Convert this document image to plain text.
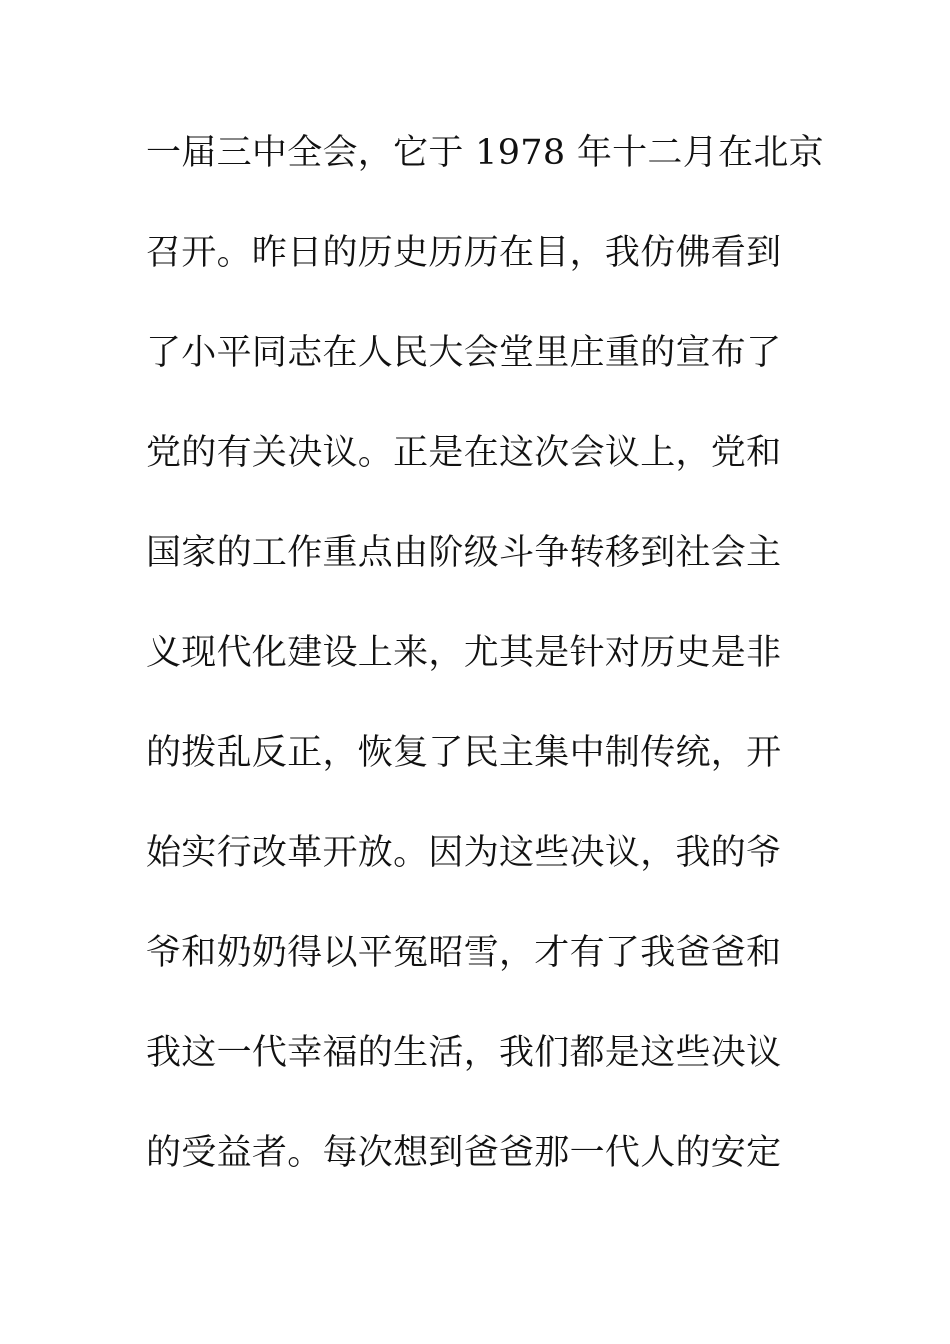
一届三中全会，它于 1978 年十二月在北京
召开。昨日的历史历历在目，我仿佛看到
了小平同志在人民大会堂里庄重的宣布了
党的有关决议。正是在这次会议上，党和
国家的工作重点由阶级斗争转移到社会主
义现代化建设上来，尤其是针对历史是非
的拨乱反正，恢复了民主集中制传统，开
始实行改革开放。因为这些决议，我的爷
爷和奶奶得以平冤昭雪，才有了我爸爸和
我这一代幸福的生活，我们都是这些决议
的受益者。每次想到爸爸那一代人的安定
